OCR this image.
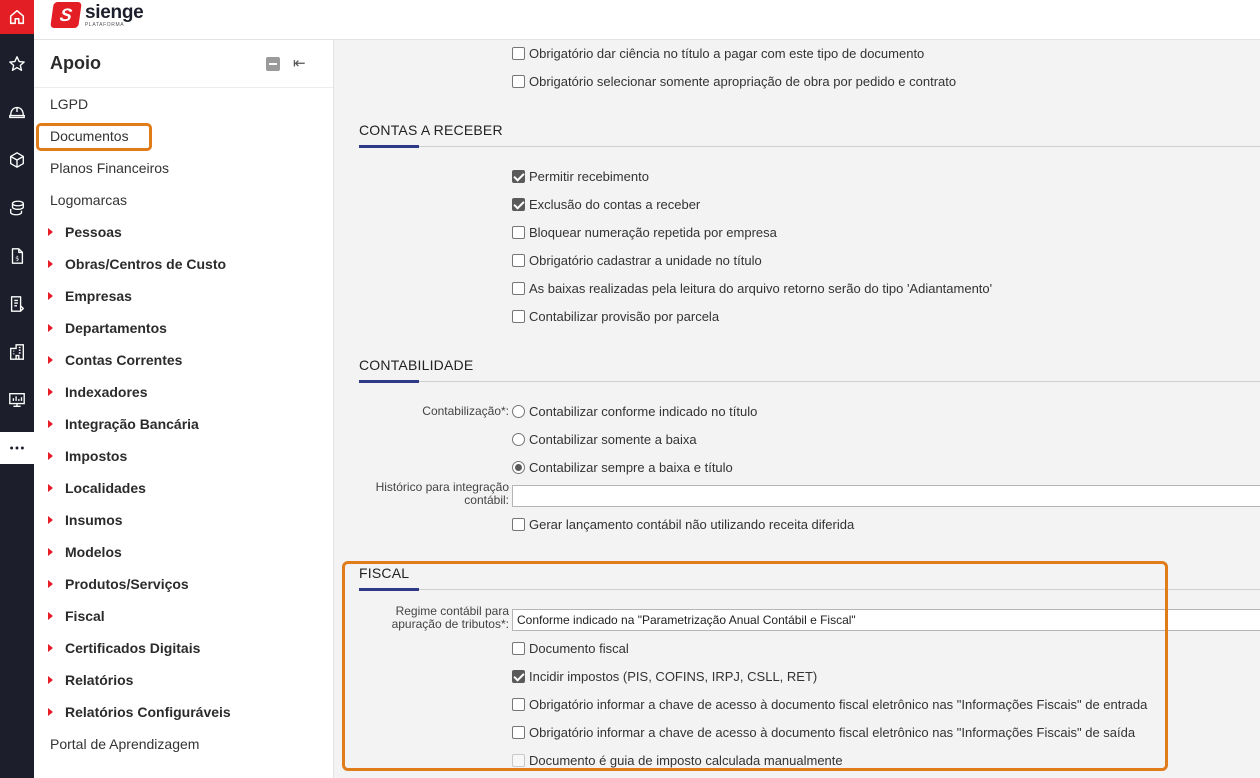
$
S sienge
PLATAFORMA
Apoio	⇤
LGPD
Documentos
Planos Financeiros
Logomarcas
Pessoas
Obras/Centros de Custo
Empresas
Departamentos
Contas Correntes
Indexadores
Integração Bancária
Impostos
Localidades
Insumos
Modelos
Produtos/Serviços
Fiscal
Certificados Digitais
Relatórios
Relatórios Configuráveis
Portal de Aprendizagem
Obrigatório dar ciência no título a pagar com este tipo de documento
Obrigatório selecionar somente apropriação de obra por pedido e contrato
CONTAS A RECEBER
Permitir recebimento
Exclusão do contas a receber
Bloquear numeração repetida por empresa
Obrigatório cadastrar a unidade no título
As baixas realizadas pela leitura do arquivo retorno serão do tipo 'Adiantamento'
Contabilizar provisão por parcela
CONTABILIDADE
Contabilização*: Contabilizar conforme indicado no título
Contabilizar somente a baixa
Contabilizar sempre a baixa e título
Histórico para integração
contábil:
Gerar lançamento contábil não utilizando receita diferida
FISCAL
Regime contábil para
apuração de tributos*: Conforme indicado na "Parametrização Anual Contábil e Fiscal"
Documento fiscal
Incidir impostos (PIS, COFINS, IRPJ, CSLL, RET)
Obrigatório informar a chave de acesso à documento fiscal eletrônico nas "Informações Fiscais" de entrada
Obrigatório informar a chave de acesso à documento fiscal eletrônico nas "Informações Fiscais" de saída
Documento é guia de imposto calculada manualmente
